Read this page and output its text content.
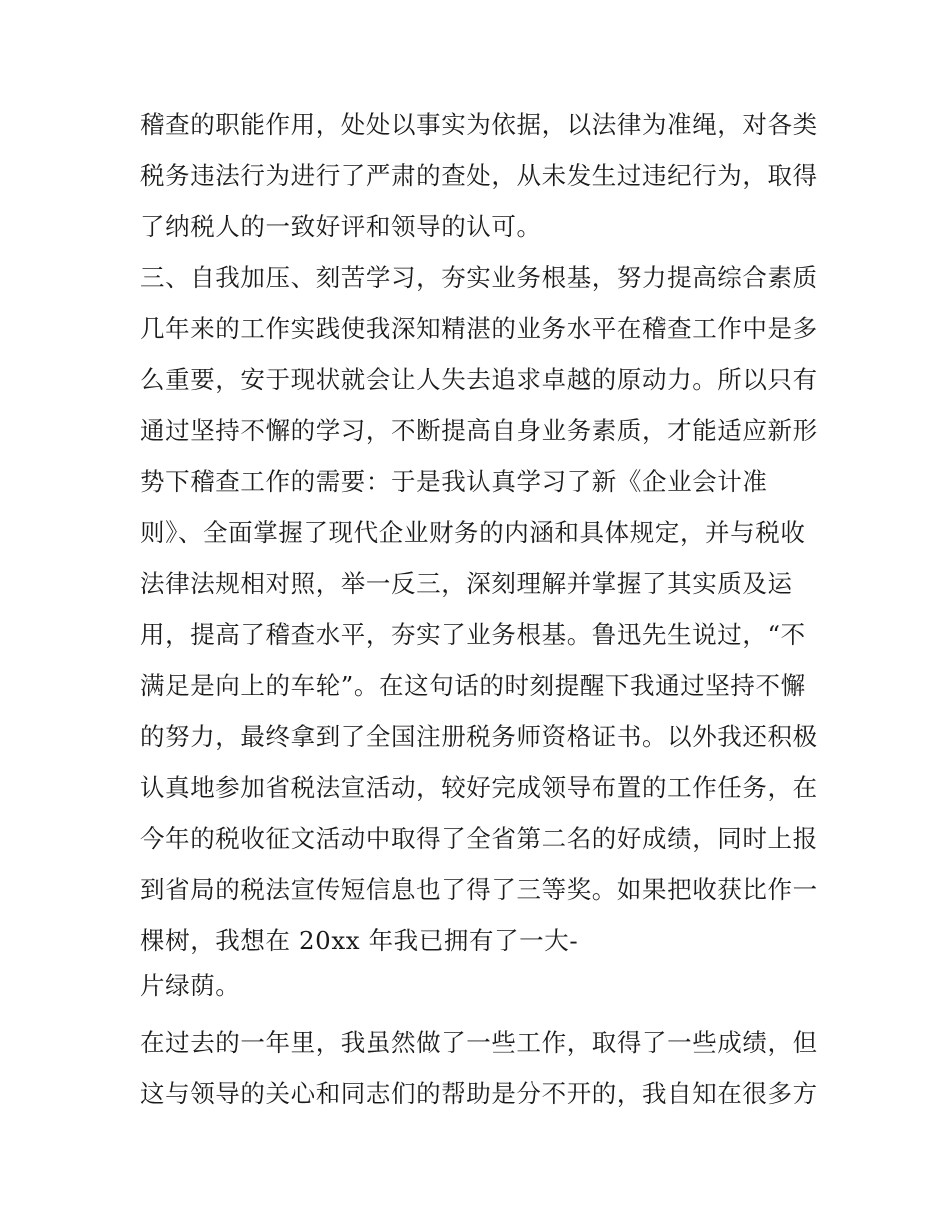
稽查的职能作用，处处以事实为依据，以法律为准绳，对各类
税务违法行为进行了严肃的查处，从未发生过违纪行为，取得
了纳税人的一致好评和领导的认可。
三、自我加压、刻苦学习，夯实业务根基，努力提高综合素质
几年来的工作实践使我深知精湛的业务水平在稽查工作中是多
么重要，安于现状就会让人失去追求卓越的原动力。所以只有
通过坚持不懈的学习，不断提高自身业务素质，才能适应新形
势下稽查工作的需要：于是我认真学习了新《企业会计准
则》、全面掌握了现代企业财务的内涵和具体规定，并与税收
法律法规相对照，举一反三，深刻理解并掌握了其实质及运
用，提高了稽查水平，夯实了业务根基。鲁迅先生说过，“不
满足是向上的车轮”。在这句话的时刻提醒下我通过坚持不懈
的努力，最终拿到了全国注册税务师资格证书。以外我还积极
认真地参加省税法宣活动，较好完成领导布置的工作任务，在
今年的税收征文活动中取得了全省第二名的好成绩，同时上报
到省局的税法宣传短信息也了得了三等奖。如果把收获比作一
棵树，我想在 20xx 年我已拥有了一大-
片绿荫。
在过去的一年里，我虽然做了一些工作，取得了一些成绩，但
这与领导的关心和同志们的帮助是分不开的，我自知在很多方
